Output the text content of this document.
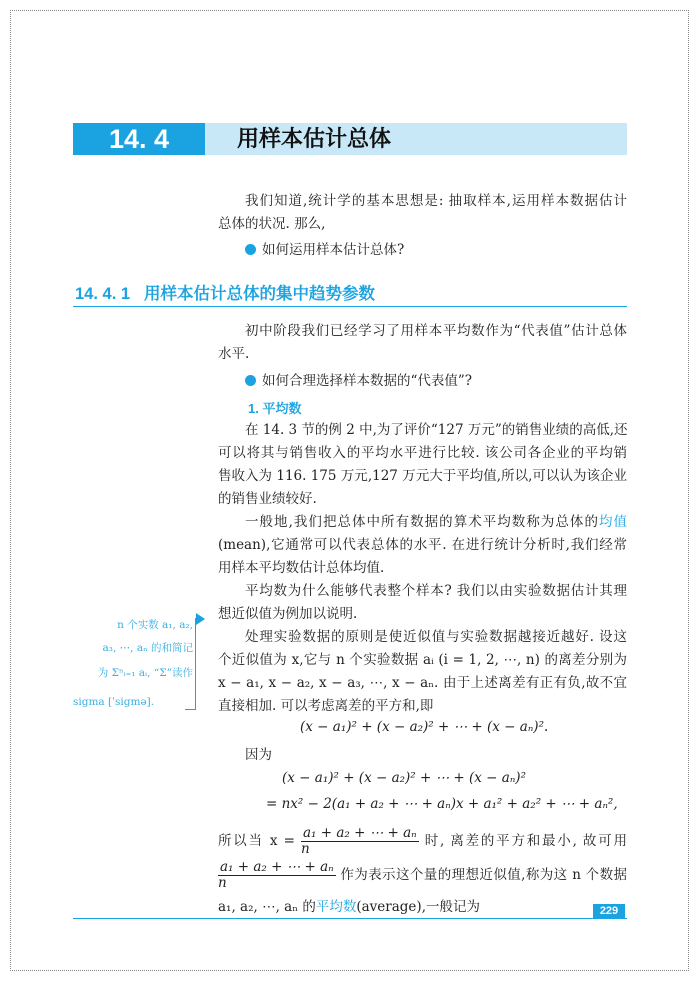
14. 4	用样本估计总体
我们知道,统计学的基本思想是: 抽取样本,运用样本数据估计
总体的状况. 那么,
如何运用样本估计总体?
14. 4. 1 用样本估计总体的集中趋势参数
初中阶段我们已经学习了用样本平均数作为“代表值”估计总体
水平.
如何合理选择样本数据的“代表值”?
1. 平均数
在 14. 3 节的例 2 中,为了评价“127 万元”的销售业绩的高低,还
可以将其与销售收入的平均水平进行比较. 该公司各企业的平均销
售收入为 116. 175 万元,127 万元大于平均值,所以,可以认为该企业
的销售业绩较好.
一般地,我们把总体中所有数据的算术平均数称为总体的均值
(mean),它通常可以代表总体的水平. 在进行统计分析时,我们经常
用样本平均数估计总体均值.
平均数为什么能够代表整个样本? 我们以由实验数据估计其理
想近似值为例加以说明.
处理实验数据的原则是使近似值与实验数据越接近越好. 设这
个近似值为 x,它与 n 个实验数据 aᵢ (i = 1, 2, ⋯, n) 的离差分别为
x − a₁, x − a₂, x − a₃, ⋯, x − aₙ. 由于上述离差有正有负,故不宜
直接相加. 可以考虑离差的平方和,即
(x − a₁)² + (x − a₂)² + ⋯ + (x − aₙ)².
因为
(x − a₁)² + (x − a₂)² + ⋯ + (x − aₙ)²
= nx² − 2(a₁ + a₂ + ⋯ + aₙ)x + a₁² + a₂² + ⋯ + aₙ²,
所以当 $x = \frac{\text{a₁ + a₂ + ⋯ + aₙ}}{n}$ 时, 离差的平方和最小, 故可用
$\frac{\text{a₁ + a₂ + ⋯ + aₙ}}{n}$ 作为表示这个量的理想近似值,称为这 n 个数据
a₁, a₂, ⋯, aₙ 的平均数(average),一般记为
n 个实数 a₁, a₂,
a₃, ⋯, aₙ 的和简记
为 Σⁿᵢ₌₁ aᵢ, “Σ”读作
sigma [ˈsigmə].
229
